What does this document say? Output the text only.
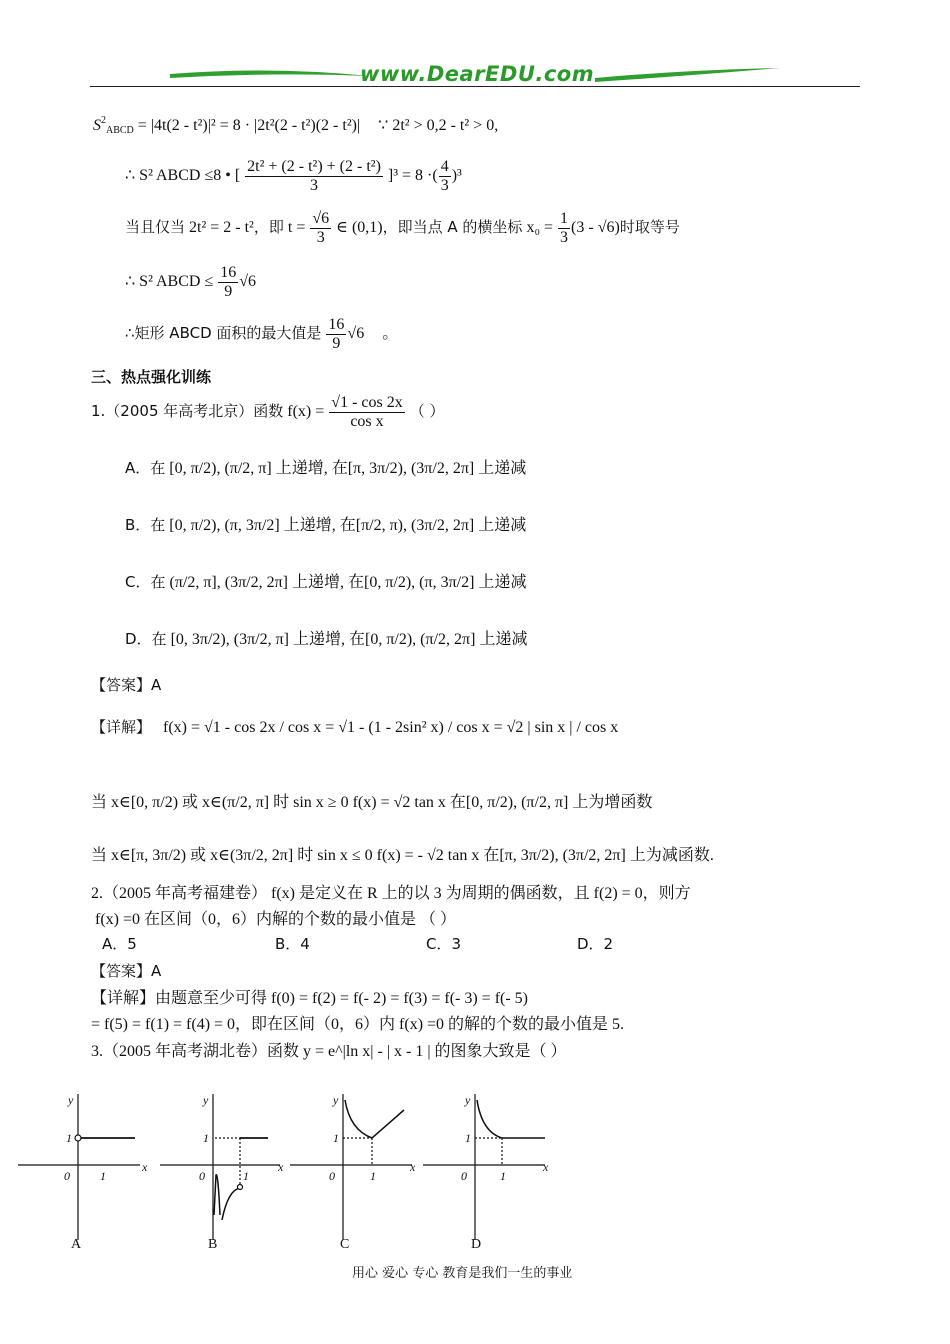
www.DearEDU.com
$S^2_{ABCD} = |4t(2 - t^2)|^2 = 8 \cdot |2t^2(2 - t^2)(2 - t^2)|$ ∵ 2t² > 0,2 - t² > 0,
∴ S² ABCD ≤8 • [ $\frac{\text{2t² + (2 - t²) + (2 - t²)}}{3} ]^3 = 8$ ·( $\frac{4}{3} )^3$
当且仅当 2t² = 2 - t²，即 $t = \frac{√6}{3}$ ∈ (0,1)，即当点 A 的横坐标 $x_0 = \frac{1}{3} (3 - √6)$时取等号
∴ S² ABCD ≤ $\frac{16}{9} √6$
∴矩形 ABCD 面积的最大值是 $\frac{16}{9} √6$ 。
三、热点强化训练
1.（2005 年高考北京）函数 $f(x) = \frac{√1 - \cos 2x}{\text{cos x}}$ （ ）
A．在 [0, π/2), (π/2, π] 上递增, 在[π, 3π/2), (3π/2, 2π] 上递减
B．在 [0, π/2), (π, 3π/2] 上递增, 在[π/2, π), (3π/2, 2π] 上递减
C．在 (π/2, π], (3π/2, 2π] 上递增, 在[0, π/2), (π, 3π/2] 上递减
D．在 [0, 3π/2), (3π/2, π] 上递增, 在[0, π/2), (π/2, 2π] 上递减
【答案】A
【详解】 f(x) = √1 - cos 2x / cos x = √1 - (1 - 2sin² x) / cos x = √2 | sin x | / cos x
当 x∈[0, π/2) 或 x∈(π/2, π] 时 sin x ≥ 0 f(x) = √2 tan x 在[0, π/2), (π/2, π] 上为增函数
当 x∈[π, 3π/2) 或 x∈(3π/2, 2π] 时 sin x ≤ 0 f(x) = - √2 tan x 在[π, 3π/2), (3π/2, 2π] 上为减函数.
2.（2005 年高考福建卷） f(x) 是定义在 R 上的以 3 为周期的偶函数，且 f(2) = 0，则方
f(x) =0 在区间（0，6）内解的个数的最小值是 （ ）
A．5	B．4	C．3	D．2
【答案】A
【详解】由题意至少可得 f(0) = f(2) = f(- 2) = f(3) = f(- 3) = f(- 5)
= f(5) = f(1) = f(4) = 0，即在区间（0，6）内 f(x) =0 的解的个数的最小值是 5.
3.（2005 年高考湖北卷）函数 y = e^|ln x| - | x - 1 | 的图象大致是（ ）
y
x
0
1
1
y
x
0
1
1
y
x
0
1
1
y
x
0
1
1
A	B	C	D
用心 爱心 专心 教育是我们一生的事业
